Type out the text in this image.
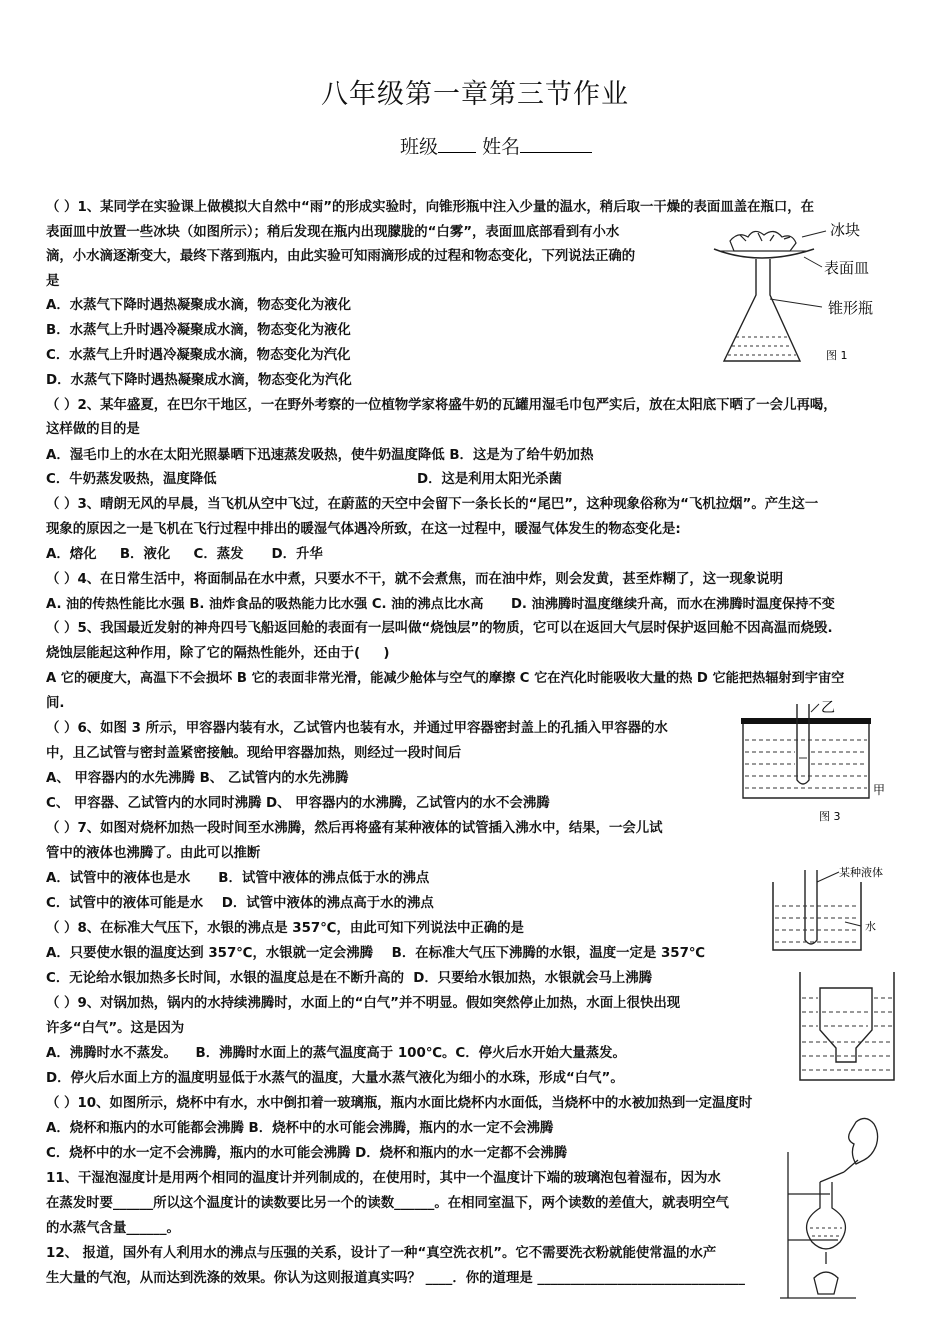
八年级第一章第三节作业
班级 姓名
（ ）1、某同学在实验课上做模拟大自然中“雨”的形成实验时，向锥形瓶中注入少量的温水，稍后取一干燥的表面皿盖在瓶口，在
表面皿中放置一些冰块（如图所示）；稍后发现在瓶内出现朦胧的“白雾”，表面皿底部看到有小水
滴，小水滴逐渐变大，最终下落到瓶内，由此实验可知雨滴形成的过程和物态变化，下列说法正确的
是
A．水蒸气下降时遇热凝聚成水滴，物态变化为液化
B．水蒸气上升时遇冷凝聚成水滴，物态变化为液化
C．水蒸气上升时遇冷凝聚成水滴，物态变化为汽化
D．水蒸气下降时遇热凝聚成水滴，物态变化为汽化
（ ）2、某年盛夏，在巴尔干地区，一在野外考察的一位植物学家将盛牛奶的瓦罐用湿毛巾包严实后，放在太阳底下晒了一会儿再喝，
这样做的目的是
A．湿毛巾上的水在太阳光照暴晒下迅速蒸发吸热，使牛奶温度降低 B．这是为了给牛奶加热
C．牛奶蒸发吸热，温度降低                                           D．这是利用太阳光杀菌
（ ）3、晴朗无风的早晨，当飞机从空中飞过，在蔚蓝的天空中会留下一条长长的“尾巴”，这种现象俗称为“飞机拉烟”。产生这一
现象的原因之一是飞机在飞行过程中排出的暖湿气体遇冷所致，在这一过程中，暖湿气体发生的物态变化是:
A．熔化     B．液化     C．蒸发      D．升华
（ ）4、在日常生活中，将面制品在水中煮，只要水不干，就不会煮焦，而在油中炸，则会发黄，甚至炸糊了，这一现象说明
A. 油的传热性能比水强 B. 油炸食品的吸热能力比水强 C. 油的沸点比水高      D. 油沸腾时温度继续升高，而水在沸腾时温度保持不变
（ ）5、我国最近发射的神舟四号飞船返回舱的表面有一层叫做“烧蚀层”的物质，它可以在返回大气层时保护返回舱不因高温而烧毁.
烧蚀层能起这种作用，除了它的隔热性能外，还由于(     )
A 它的硬度大，高温下不会损坏 B 它的表面非常光滑，能减少舱体与空气的摩擦 C 它在汽化时能吸收大量的热 D 它能把热辐射到宇宙空
间.
（ ）6、如图 3 所示，甲容器内装有水，乙试管内也装有水，并通过甲容器密封盖上的孔插入甲容器的水
中，且乙试管与密封盖紧密接触。现给甲容器加热，则经过一段时间后
A、 甲容器内的水先沸腾 B、 乙试管内的水先沸腾
C、 甲容器、乙试管内的水同时沸腾 D、 甲容器内的水沸腾，乙试管内的水不会沸腾
（ ）7、如图对烧杯加热一段时间至水沸腾，然后再将盛有某种液体的试管插入沸水中，结果，一会儿试
管中的液体也沸腾了。由此可以推断
A．试管中的液体也是水      B．试管中液体的沸点低于水的沸点
C．试管中的液体可能是水    D．试管中液体的沸点高于水的沸点
（ ）8、在标准大气压下，水银的沸点是 357℃，由此可知下列说法中正确的是
A．只要使水银的温度达到 357℃，水银就一定会沸腾    B．在标准大气压下沸腾的水银，温度一定是 357℃
C．无论给水银加热多长时间，水银的温度总是在不断升高的  D．只要给水银加热，水银就会马上沸腾
（ ）9、对锅加热，锅内的水持续沸腾时，水面上的“白气”并不明显。假如突然停止加热，水面上很快出现
许多“白气”。这是因为
A．沸腾时水不蒸发。    B．沸腾时水面上的蒸气温度高于 100℃。C．停火后水开始大量蒸发。
D．停火后水面上方的温度明显低于水蒸气的温度，大量水蒸气液化为细小的水珠，形成“白气”。
（ ）10、如图所示，烧杯中有水，水中倒扣着一玻璃瓶，瓶内水面比烧杯内水面低，当烧杯中的水被加热到一定温度时
A．烧杯和瓶内的水可能都会沸腾 B．烧杯中的水可能会沸腾，瓶内的水一定不会沸腾
C．烧杯中的水一定不会沸腾，瓶内的水可能会沸腾 D．烧杯和瓶内的水一定都不会沸腾
11、干湿泡湿度计是用两个相同的温度计并列制成的，在使用时，其中一个温度计下端的玻璃泡包着湿布，因为水
在蒸发时要______所以这个温度计的读数要比另一个的读数______。在相同室温下，两个读数的差值大，就表明空气
的水蒸气含量______。
12、 报道，国外有人利用水的沸点与压强的关系，设计了一种“真空洗衣机”。它不需要洗衣粉就能使常温的水产
生大量的气泡，从而达到洗涤的效果。你认为这则报道真实吗？ ____．你的道理是 _______________________________
冰块
表面皿
锥形瓶
图 1
乙
甲
图 3
某种液体
水
